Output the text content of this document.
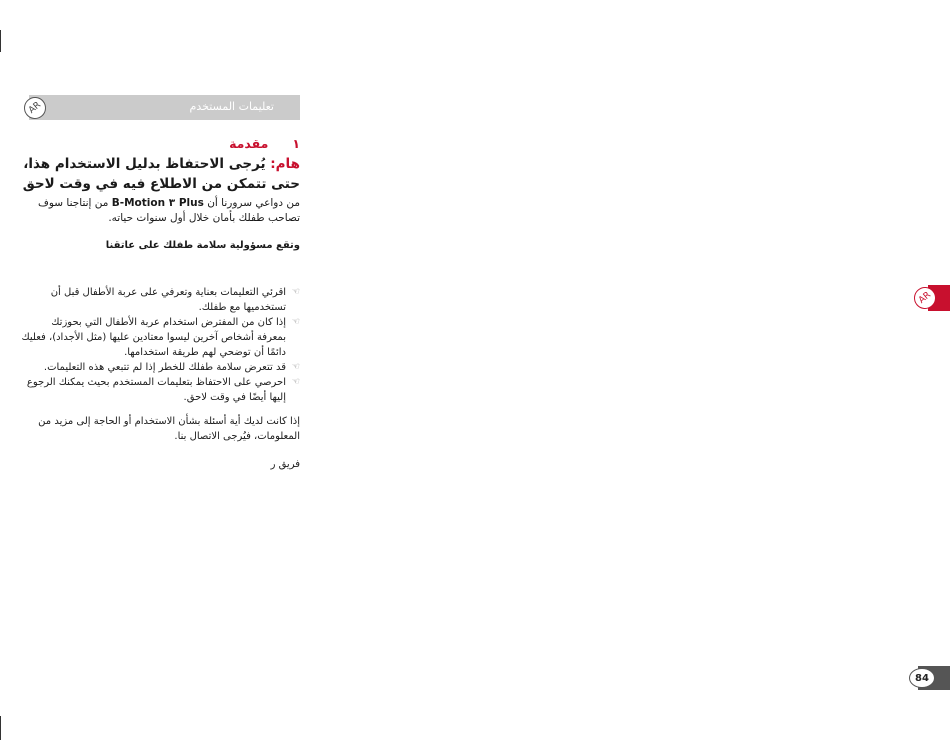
تعليمات المستخدم
AR
١
مقدمة
هام: يُرجى الاحتفاظ بدليل الاستخدام هذا،
حتى تتمكن من الاطلاع فيه في وقت لاحق
من دواعي سرورنا أن B-Motion ٣ Plus من إنتاجنا سوف تصاحب طفلك بأمان خلال أول سنوات حياته.
وتقع مسؤولية سلامة طفلك على عاتقنا
☜
اقرئي التعليمات بعناية وتعرفي على عربة الأطفال قبل أن تستخدميها مع طفلك.
☜
إذا كان من المفترض استخدام عربة الأطفال التي بحوزتك بمعرفة أشخاص آخرين ليسوا معتادين عليها (مثل الأجداد)، فعليك دائمًا أن توضحي لهم طريقة استخدامها.
☜
قد تتعرض سلامة طفلك للخطر إذا لم تتبعي هذه التعليمات.
☜
احرصي على الاحتفاظ بتعليمات المستخدم بحيث يمكنك الرجوع إليها أيضًا في وقت لاحق.
إذا كانت لديك أية أسئلة بشأن الاستخدام أو الحاجة إلى مزيد من المعلومات، فيُرجى الاتصال بنا.
فريق ر
AR
84
